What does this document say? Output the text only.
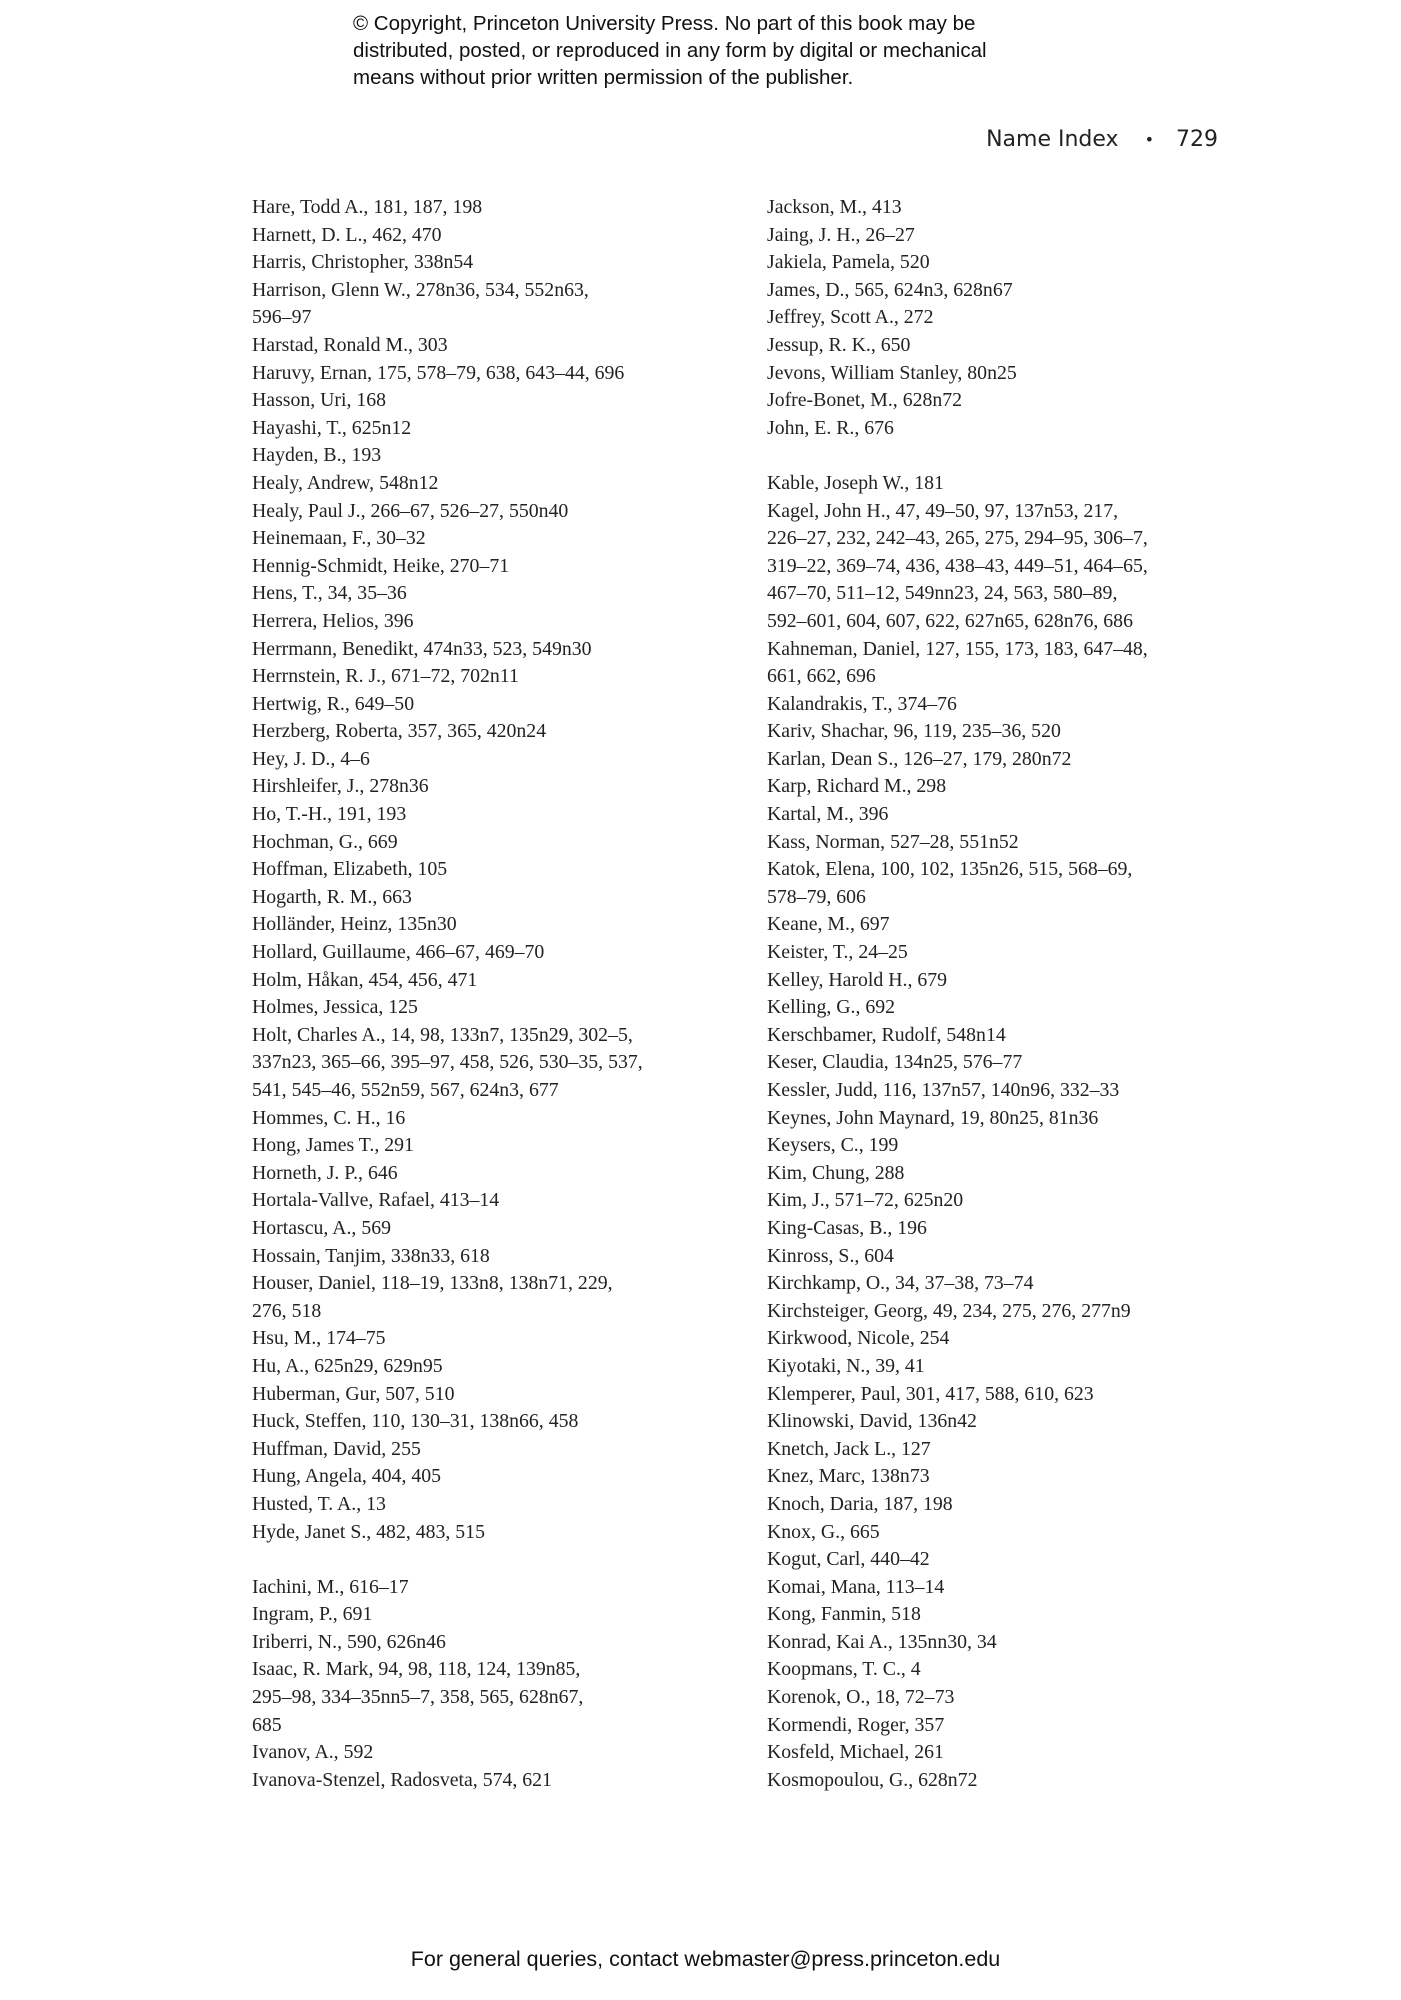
© Copyright, Princeton University Press. No part of this book may be
distributed, posted, or reproduced in any form by digital or mechanical
means without prior written permission of the publisher.
Name Index • 729
Hare, Todd A., 181, 187, 198
Harnett, D. L., 462, 470
Harris, Christopher, 338n54
Harrison, Glenn W., 278n36, 534, 552n63,
596–97
Harstad, Ronald M., 303
Haruvy, Ernan, 175, 578–79, 638, 643–44, 696
Hasson, Uri, 168
Hayashi, T., 625n12
Hayden, B., 193
Healy, Andrew, 548n12
Healy, Paul J., 266–67, 526–27, 550n40
Heinemaan, F., 30–32
Hennig-Schmidt, Heike, 270–71
Hens, T., 34, 35–36
Herrera, Helios, 396
Herrmann, Benedikt, 474n33, 523, 549n30
Herrnstein, R. J., 671–72, 702n11
Hertwig, R., 649–50
Herzberg, Roberta, 357, 365, 420n24
Hey, J. D., 4–6
Hirshleifer, J., 278n36
Ho, T.-H., 191, 193
Hochman, G., 669
Hoffman, Elizabeth, 105
Hogarth, R. M., 663
Holländer, Heinz, 135n30
Hollard, Guillaume, 466–67, 469–70
Holm, Håkan, 454, 456, 471
Holmes, Jessica, 125
Holt, Charles A., 14, 98, 133n7, 135n29, 302–5,
337n23, 365–66, 395–97, 458, 526, 530–35, 537,
541, 545–46, 552n59, 567, 624n3, 677
Hommes, C. H., 16
Hong, James T., 291
Horneth, J. P., 646
Hortala-Vallve, Rafael, 413–14
Hortascu, A., 569
Hossain, Tanjim, 338n33, 618
Houser, Daniel, 118–19, 133n8, 138n71, 229,
276, 518
Hsu, M., 174–75
Hu, A., 625n29, 629n95
Huberman, Gur, 507, 510
Huck, Steffen, 110, 130–31, 138n66, 458
Huffman, David, 255
Hung, Angela, 404, 405
Husted, T. A., 13
Hyde, Janet S., 482, 483, 515
Iachini, M., 616–17
Ingram, P., 691
Iriberri, N., 590, 626n46
Isaac, R. Mark, 94, 98, 118, 124, 139n85,
295–98, 334–35nn5–7, 358, 565, 628n67,
685
Ivanov, A., 592
Ivanova-Stenzel, Radosveta, 574, 621
Jackson, M., 413
Jaing, J. H., 26–27
Jakiela, Pamela, 520
James, D., 565, 624n3, 628n67
Jeffrey, Scott A., 272
Jessup, R. K., 650
Jevons, William Stanley, 80n25
Jofre-Bonet, M., 628n72
John, E. R., 676
Kable, Joseph W., 181
Kagel, John H., 47, 49–50, 97, 137n53, 217,
226–27, 232, 242–43, 265, 275, 294–95, 306–7,
319–22, 369–74, 436, 438–43, 449–51, 464–65,
467–70, 511–12, 549nn23, 24, 563, 580–89,
592–601, 604, 607, 622, 627n65, 628n76, 686
Kahneman, Daniel, 127, 155, 173, 183, 647–48,
661, 662, 696
Kalandrakis, T., 374–76
Kariv, Shachar, 96, 119, 235–36, 520
Karlan, Dean S., 126–27, 179, 280n72
Karp, Richard M., 298
Kartal, M., 396
Kass, Norman, 527–28, 551n52
Katok, Elena, 100, 102, 135n26, 515, 568–69,
578–79, 606
Keane, M., 697
Keister, T., 24–25
Kelley, Harold H., 679
Kelling, G., 692
Kerschbamer, Rudolf, 548n14
Keser, Claudia, 134n25, 576–77
Kessler, Judd, 116, 137n57, 140n96, 332–33
Keynes, John Maynard, 19, 80n25, 81n36
Keysers, C., 199
Kim, Chung, 288
Kim, J., 571–72, 625n20
King-Casas, B., 196
Kinross, S., 604
Kirchkamp, O., 34, 37–38, 73–74
Kirchsteiger, Georg, 49, 234, 275, 276, 277n9
Kirkwood, Nicole, 254
Kiyotaki, N., 39, 41
Klemperer, Paul, 301, 417, 588, 610, 623
Klinowski, David, 136n42
Knetch, Jack L., 127
Knez, Marc, 138n73
Knoch, Daria, 187, 198
Knox, G., 665
Kogut, Carl, 440–42
Komai, Mana, 113–14
Kong, Fanmin, 518
Konrad, Kai A., 135nn30, 34
Koopmans, T. C., 4
Korenok, O., 18, 72–73
Kormendi, Roger, 357
Kosfeld, Michael, 261
Kosmopoulou, G., 628n72
For general queries, contact webmaster@press.princeton.edu
